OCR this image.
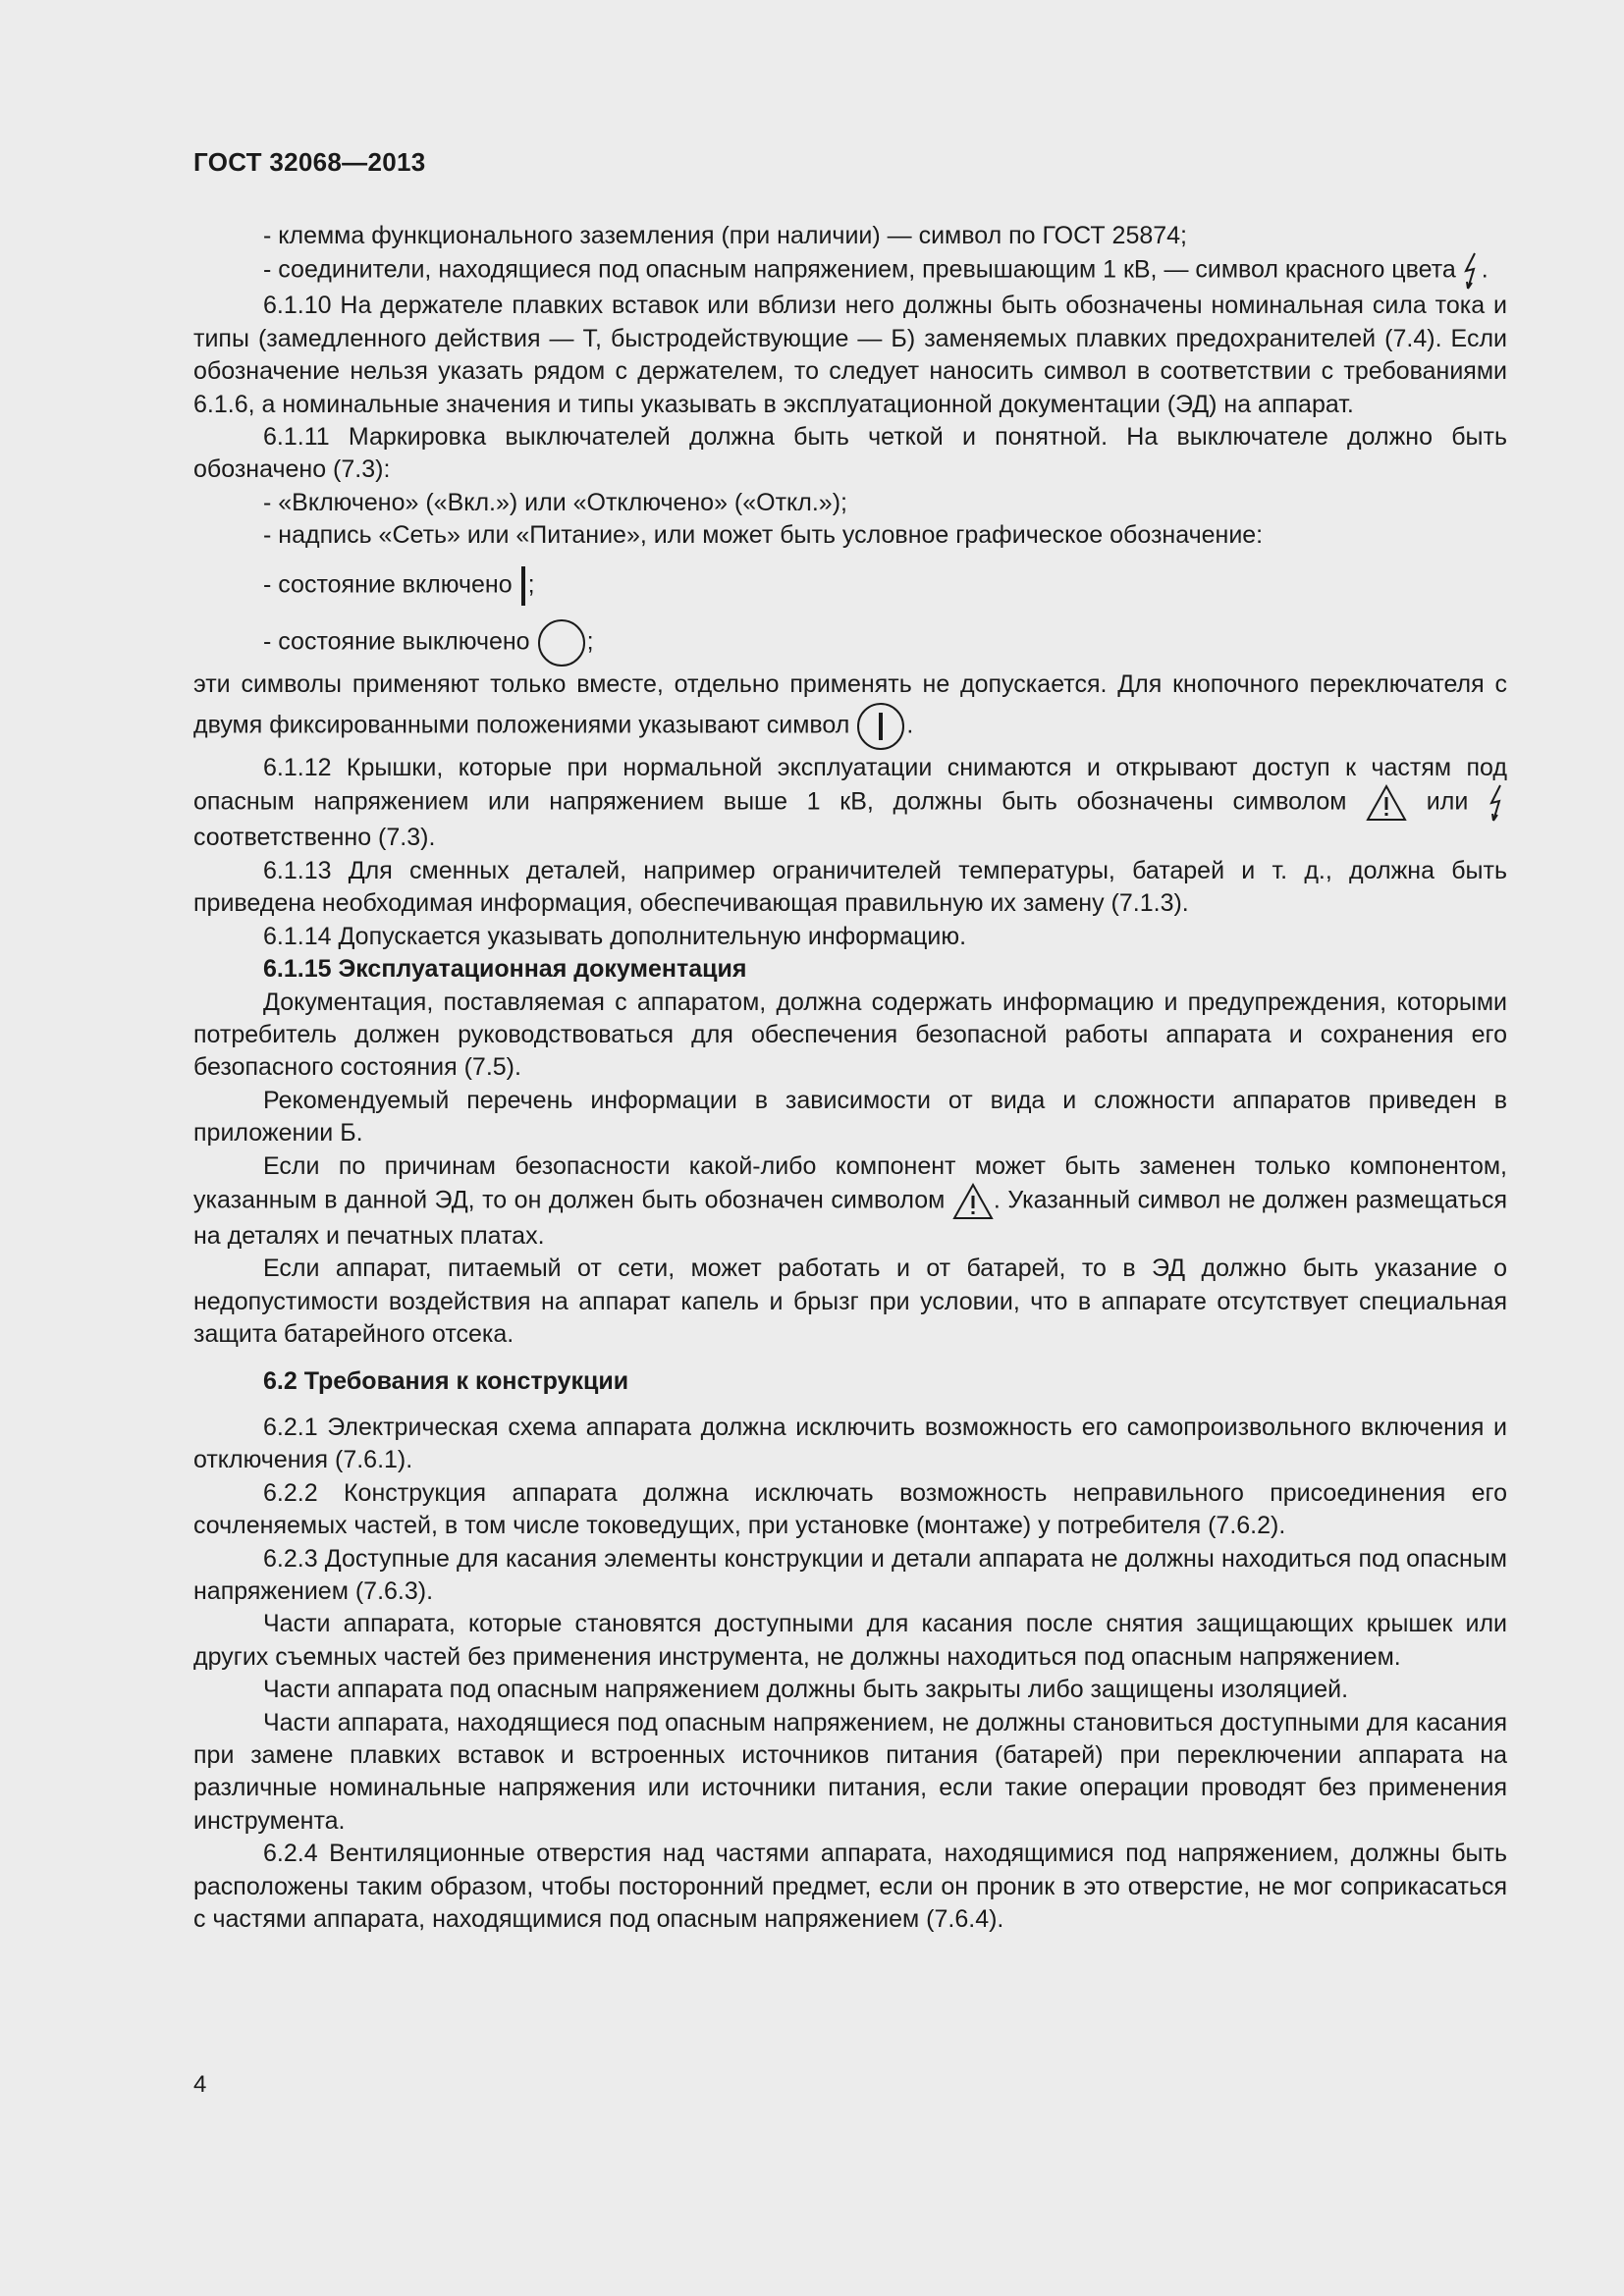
ГОСТ 32068—2013

- клемма функционального заземления (при наличии) — символ по ГОСТ 25874;

- соединители, находящиеся под опасным напряжением, превышающим 1 кВ, — символ красного цвета .

6.1.10 На держателе плавких вставок или вблизи него должны быть обозначены номинальная сила тока и типы (замедленного действия — Т, быстродействующие — Б) заменяемых плавких предохранителей (7.4). Если обозначение нельзя указать рядом с держателем, то следует наносить символ в соответствии с требованиями 6.1.6, а номинальные значения и типы указывать в эксплуатационной документации (ЭД) на аппарат.

6.1.11 Маркировка выключателей должна быть четкой и понятной. На выключателе должно быть обозначено (7.3):

- «Включено» («Вкл.») или «Отключено» («Откл.»);

- надпись «Сеть» или «Питание», или может быть условное графическое обозначение:

- состояние включено ;

- состояние выключено ;

эти символы применяют только вместе, отдельно применять не допускается. Для кнопочного переключателя с двумя фиксированными положениями указывают символ .

6.1.12 Крышки, которые при нормальной эксплуатации снимаются и открывают доступ к частям под опасным напряжением или напряжением выше 1 кВ, должны быть обозначены символом	или
соответственно (7.3).

6.1.13 Для сменных деталей, например ограничителей температуры, батарей и т. д., должна быть приведена необходимая информация, обеспечивающая правильную их замену (7.1.3).

6.1.14 Допускается указывать дополнительную информацию.

6.1.15 Эксплуатационная документация

Документация, поставляемая с аппаратом, должна содержать информацию и предупреждения, которыми потребитель должен руководствоваться для обеспечения безопасной работы аппарата и сохранения его безопасного состояния (7.5).

Рекомендуемый перечень информации в зависимости от вида и сложности аппаратов приведен в приложении Б.

Если по причинам безопасности какой-либо компонент может быть заменен только компонентом, указанным в данной ЭД, то он должен быть обозначен символом . Указанный символ не должен размещаться на деталях и печатных платах.

Если аппарат, питаемый от сети, может работать и от батарей, то в ЭД должно быть указание о недопустимости воздействия на аппарат капель и брызг при условии, что в аппарате отсутствует специальная защита батарейного отсека.

6.2 Требования к конструкции

6.2.1 Электрическая схема аппарата должна исключить возможность его самопроизвольного включения и отключения (7.6.1).

6.2.2 Конструкция аппарата должна исключать возможность неправильного присоединения его сочленяемых частей, в том числе токоведущих, при установке (монтаже) у потребителя (7.6.2).

6.2.3 Доступные для касания элементы конструкции и детали аппарата не должны находиться под опасным напряжением (7.6.3).

Части аппарата, которые становятся доступными для касания после снятия защищающих крышек или других съемных частей без применения инструмента, не должны находиться под опасным напряжением.

Части аппарата под опасным напряжением должны быть закрыты либо защищены изоляцией.

Части аппарата, находящиеся под опасным напряжением, не должны становиться доступными для касания при замене плавких вставок и встроенных источников питания (батарей) при переключении аппарата на различные номинальные напряжения или источники питания, если такие операции проводят без применения инструмента.

6.2.4 Вентиляционные отверстия над частями аппарата, находящимися под напряжением, должны быть расположены таким образом, чтобы посторонний предмет, если он проник в это отверстие, не мог соприкасаться с частями аппарата, находящимися под опасным напряжением (7.6.4).

4
